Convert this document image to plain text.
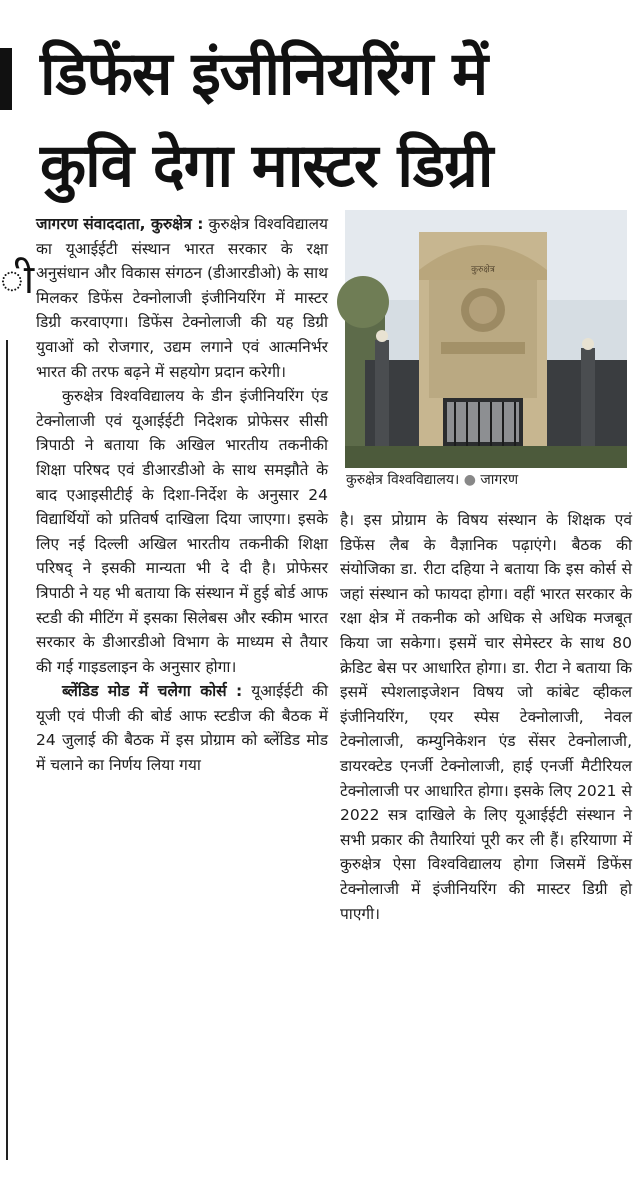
ी
डिफेंस इंजीनियरिंग में
कुवि देगा मास्टर डिग्री

जागरण संवाददाता, कुरुक्षेत्र : कुरुक्षेत्र विश्वविद्यालय का यूआईईटी संस्थान भारत सरकार के रक्षा अनुसंधान और विकास संगठन (डीआरडीओ) के साथ मिलकर डिफेंस टेक्नोलाजी इंजीनियरिंग में मास्टर डिग्री करवाएगा। डिफेंस टेक्नोलाजी की यह डिग्री युवाओं को रोजगार, उद्यम लगाने एवं आत्मनिर्भर भारत की तरफ बढ़ने में सहयोग प्रदान करेगी।

कुरुक्षेत्र विश्वविद्यालय के डीन इंजीनियरिंग एंड टेक्नोलाजी एवं यूआईईटी निदेशक प्रोफेसर सीसी त्रिपाठी ने बताया कि अखिल भारतीय तकनीकी शिक्षा परिषद एवं डीआरडीओ के साथ समझौते के बाद एआइसीटीई के दिशा-निर्देश के अनुसार 24 विद्यार्थियों को प्रतिवर्ष दाखिला दिया जाएगा। इसके लिए नई दिल्ली अखिल भारतीय तकनीकी शिक्षा परिषद् ने इसकी मान्यता भी दे दी है। प्रोफेसर त्रिपाठी ने यह भी बताया कि संस्थान में हुई बोर्ड आफ स्टडी की मीटिंग में इसका सिलेबस और स्कीम भारत सरकार के डीआरडीओ विभाग के माध्यम से तैयार की गई गाइडलाइन के अनुसार होगा।

ब्लेंडिड मोड में चलेगा कोर्स : यूआईईटी की यूजी एवं पीजी की बोर्ड आफ स्टडीज की बैठक में 24 जुलाई की बैठक में इस प्रोग्राम को ब्लेंडिड मोड में चलाने का निर्णय लिया गया

कुरुक्षेत्र
कुरुक्षेत्र विश्वविद्यालय। ● जागरण

है। इस प्रोग्राम के विषय संस्थान के शिक्षक एवं डिफेंस लैब के वैज्ञानिक पढ़ाएंगे। बैठक की संयोजिका डा. रीटा दहिया ने बताया कि इस कोर्स से जहां संस्थान को फायदा होगा। वहीं भारत सरकार के रक्षा क्षेत्र में तकनीक को अधिक से अधिक मजबूत किया जा सकेगा। इसमें चार सेमेस्टर के साथ 80 क्रेडिट बेस पर आधारित होगा। डा. रीटा ने बताया कि इसमें स्पेशलाइजेशन विषय जो कांबेट व्हीकल इंजीनियरिंग, एयर स्पेस टेक्नोलाजी, नेवल टेक्नोलाजी, कम्युनिकेशन एंड सेंसर टेक्नोलाजी, डायरक्टेड एनर्जी टेक्नोलाजी, हाई एनर्जी मैटीरियल टेक्नोलाजी पर आधारित होगा। इसके लिए 2021 से 2022 सत्र दाखिले के लिए यूआईईटी संस्थान ने सभी प्रकार की तैयारियां पूरी कर ली हैं। हरियाणा में कुरुक्षेत्र ऐसा विश्वविद्यालय होगा जिसमें डिफेंस टेक्नोलाजी में इंजीनियरिंग की मास्टर डिग्री हो पाएगी।
